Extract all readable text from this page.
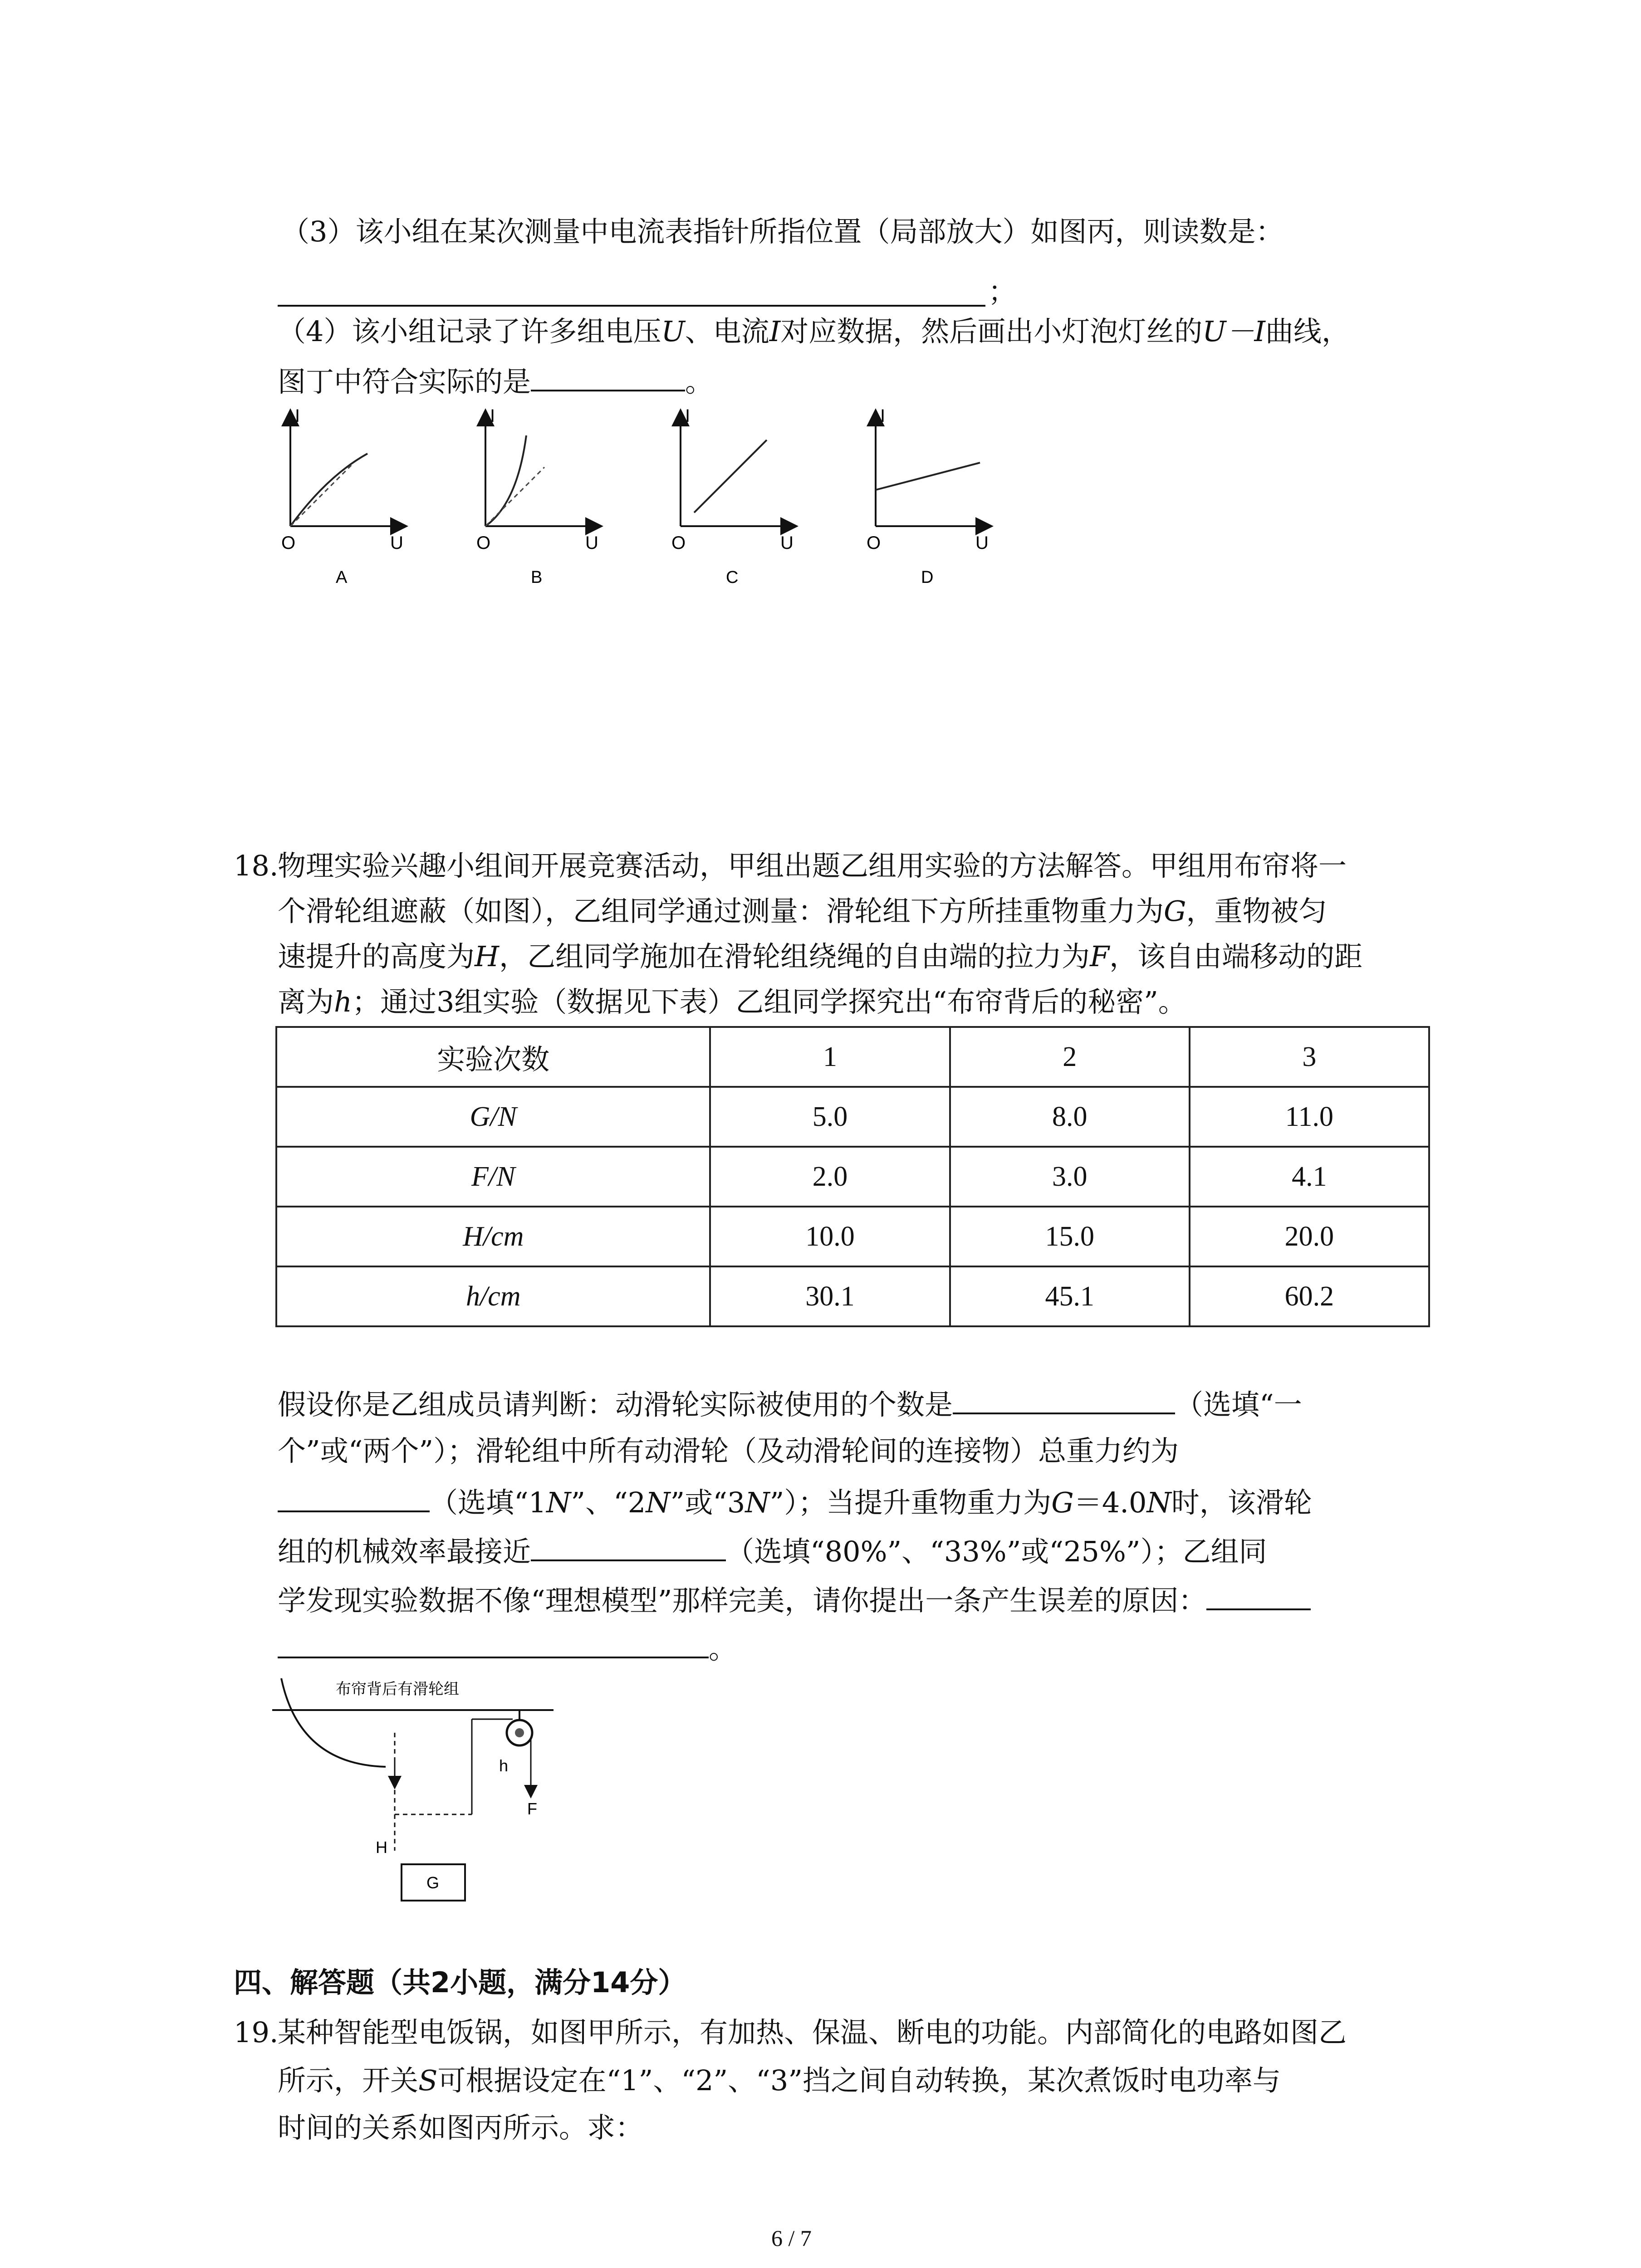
（3）该小组在某次测量中电流表指针所指位置（局部放大）如图丙，则读数是：
；
（4）该小组记录了许多组电压U、电流I对应数据，然后画出小灯泡灯丝的U－I曲线，
图丁中符合实际的是	。
I
O	U
A
I
O	U
B
I
O	U
C
I
O	U
D
18.
物理实验兴趣小组间开展竞赛活动，甲组出题乙组用实验的方法解答。甲组用布帘将一
个滑轮组遮蔽（如图），乙组同学通过测量：滑轮组下方所挂重物重力为G，重物被匀
速提升的高度为H，乙组同学施加在滑轮组绕绳的自由端的拉力为F，该自由端移动的距
离为h；通过3组实验（数据见下表）乙组同学探究出“布帘背后的秘密”。
实验次数	1	2	3
G/N	5.0	8.0	11.0
F/N	2.0	3.0	4.1
H/cm	10.0	15.0	20.0
h/cm	30.1	45.1	60.2
假设你是乙组成员请判断：动滑轮实际被使用的个数是	（选填“一
个”或“两个”）；滑轮组中所有动滑轮（及动滑轮间的连接物）总重力约为
（选填“1N”、“2N”或“3N”）；当提升重物重力为G＝4.0N时，该滑轮
组的机械效率最接近	（选填“80%”、“33%”或“25%”）；乙组同
学发现实验数据不像“理想模型”那样完美，请你提出一条产生误差的原因：
。
布帘背后有滑轮组
h
F
H
G
四、解答题（共2小题，满分14分）
19.
某种智能型电饭锅，如图甲所示，有加热、保温、断电的功能。内部简化的电路如图乙
所示，开关S可根据设定在“1”、“2”、“3”挡之间自动转换，某次煮饭时电功率与
时间的关系如图丙所示。求：
6 / 7
